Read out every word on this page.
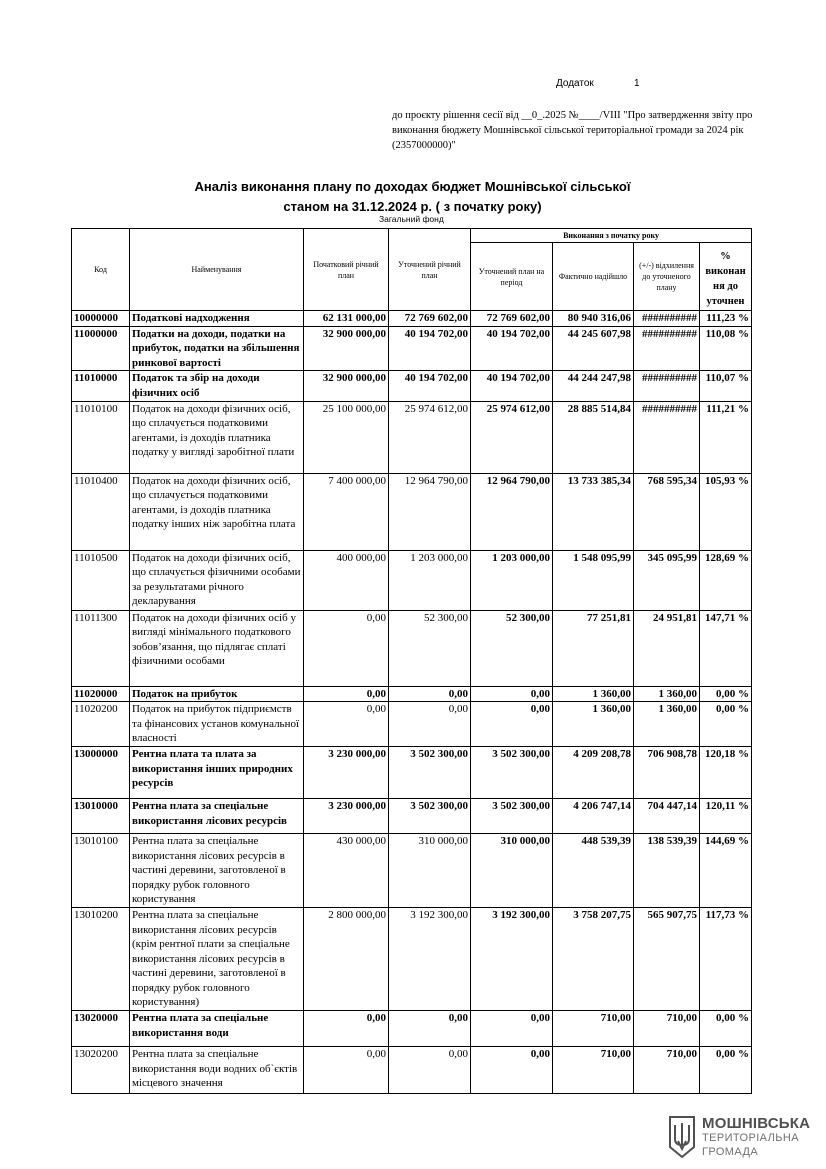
Додаток	1
до проєкту рішення сесії від __0_.2025 №____/VIII "Про затвердження звіту про виконання бюджету Мошнівської сільської територіальної громади за 2024 рік (2357000000)"
Аналіз виконання плану по доходах бюджет Мошнівської сільської
станом на 31.12.2024 р. ( з початку року)
Загальний фонд
Код	Найменування	Початковий річний план	Уточнений річний план	Виконання з початку року			
				Уточнений план на період	Фактично надійшло	(+/-) відхилення до уточненого плану	% виконан ня до уточнен
10000000	Податкові надходження	62 131 000,00	72 769 602,00	72 769 602,00	80 940 316,06	##########	111,23 %
11000000	Податки на доходи, податки на прибуток, податки на збільшення ринкової вартості	32 900 000,00	40 194 702,00	40 194 702,00	44 245 607,98	##########	110,08 %
11010000	Податок та збір на доходи фізичних осіб	32 900 000,00	40 194 702,00	40 194 702,00	44 244 247,98	##########	110,07 %
11010100	Податок на доходи фізичних осіб, що сплачується податковими агентами, із доходів платника податку у вигляді заробітної плати	25 100 000,00	25 974 612,00	25 974 612,00	28 885 514,84	##########	111,21 %
11010400	Податок на доходи фізичних осіб, що сплачується податковими агентами, із доходів платника податку інших ніж заробітна плата	7 400 000,00	12 964 790,00	12 964 790,00	13 733 385,34	768 595,34	105,93 %
11010500	Податок на доходи фізичних осіб, що сплачується фізичними особами за результатами річного декларування	400 000,00	1 203 000,00	1 203 000,00	1 548 095,99	345 095,99	128,69 %
11011300	Податок на доходи фізичних осіб у вигляді мінімального податкового зобов’язання, що підлягає сплаті фізичними особами	0,00	52 300,00	52 300,00	77 251,81	24 951,81	147,71 %
11020000	Податок на прибуток	0,00	0,00	0,00	1 360,00	1 360,00	0,00 %
11020200	Податок на прибуток підприємств та фінансових установ комунальної власності	0,00	0,00	0,00	1 360,00	1 360,00	0,00 %
13000000	Рентна плата та плата за використання інших природних ресурсів	3 230 000,00	3 502 300,00	3 502 300,00	4 209 208,78	706 908,78	120,18 %
13010000	Рентна плата за спеціальне використання лісових ресурсів	3 230 000,00	3 502 300,00	3 502 300,00	4 206 747,14	704 447,14	120,11 %
13010100	Рентна плата за спеціальне використання лісових ресурсів в частині деревини, заготовленої в порядку рубок головного користування	430 000,00	310 000,00	310 000,00	448 539,39	138 539,39	144,69 %
13010200	Рентна плата за спеціальне використання лісових ресурсів (крім рентної плати за спеціальне використання лісових ресурсів в частині деревини, заготовленої в порядку рубок головного користування)	2 800 000,00	3 192 300,00	3 192 300,00	3 758 207,75	565 907,75	117,73 %
13020000	Рентна плата за спеціальне використання води	0,00	0,00	0,00	710,00	710,00	0,00 %
13020200	Рентна плата за спеціальне використання води водних об`єктів місцевого значення	0,00	0,00	0,00	710,00	710,00	0,00 %
МОШНІВСЬКА
ТЕРИТОРІАЛЬНА
ГРОМАДА
